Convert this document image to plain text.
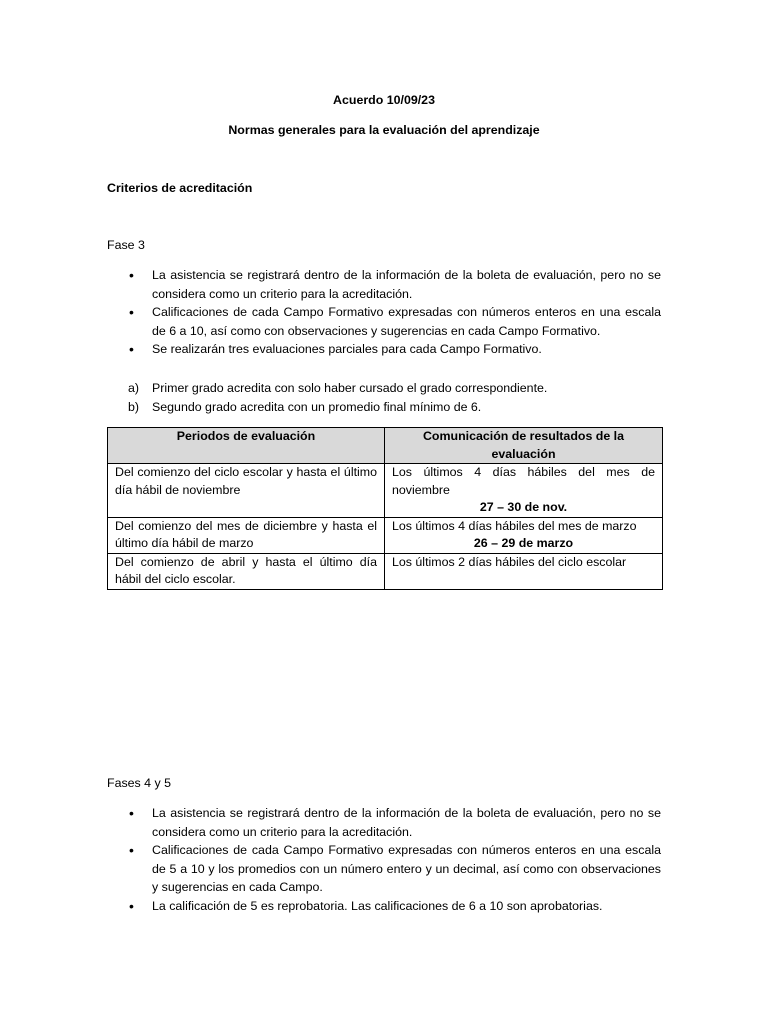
Acuerdo 10/09/23
Normas generales para la evaluación del aprendizaje
Criterios de acreditación
Fase 3
• La asistencia se registrará dentro de la información de la boleta de evaluación, pero no se considera como un criterio para la acreditación.
• Calificaciones de cada Campo Formativo expresadas con números enteros en una escala de 6 a 10, así como con observaciones y sugerencias en cada Campo Formativo.
• Se realizarán tres evaluaciones parciales para cada Campo Formativo.
a) Primer grado acredita con solo haber cursado el grado correspondiente.
b) Segundo grado acredita con un promedio final mínimo de 6.
Periodos de evaluación	Comunicación de resultados de la evaluación
Del comienzo del ciclo escolar y hasta el último día hábil de noviembre	Los últimos 4 días hábiles del mes de noviembre
27 – 30 de nov.

Del comienzo del mes de diciembre y hasta el último día hábil de marzo	Los últimos 4 días hábiles del mes de marzo
26 – 29 de marzo

Del comienzo de abril y hasta el último día hábil del ciclo escolar.	Los últimos 2 días hábiles del ciclo escolar
Fases 4 y 5
• La asistencia se registrará dentro de la información de la boleta de evaluación, pero no se considera como un criterio para la acreditación.
• Calificaciones de cada Campo Formativo expresadas con números enteros en una escala de 5 a 10 y los promedios con un número entero y un decimal, así como con observaciones y sugerencias en cada Campo.
• La calificación de 5 es reprobatoria. Las calificaciones de 6 a 10 son aprobatorias.
